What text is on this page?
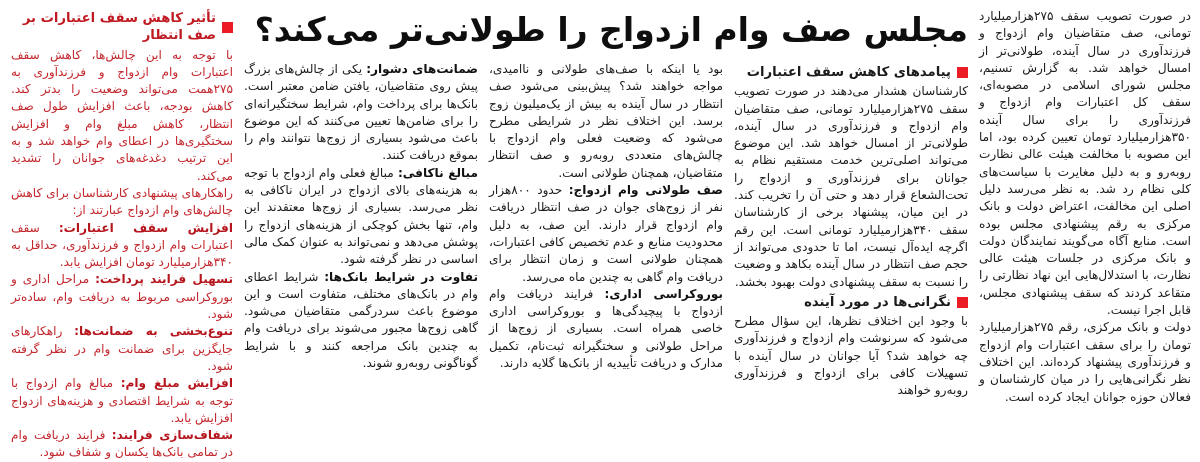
در صورت تصویب سقف ۲۷۵هزارمیلیارد تومانی، صف متقاضیان وام ازدواج و فرزندآوری در سال آینده، طولانی‌تر از امسال خواهد شد. به گزارش تسنیم، مجلس شورای اسلامی در مصوبه‌ای، سقف کل اعتبارات وام ازدواج و فرزندآوری را برای سال آینده ۳۵۰هزارمیلیارد تومان تعیین کرده بود، اما این مصوبه با مخالفت هیئت عالی نظارت روبه‌رو و به دلیل مغایرت با سیاست‌های کلی نظام رد شد. به نظر می‌رسد دلیل اصلی این مخالفت، اعتراض دولت و بانک مرکزی به رقم پیشنهادی مجلس بوده است. منابع آگاه می‌گویند نمایندگان دولت و بانک مرکزی در جلسات هیئت عالی نظارت، با استدلال‌هایی این نهاد نظارتی را متقاعد کردند که سقف پیشنهادی مجلس، قابل اجرا نیست.

دولت و بانک مرکزی، رقم ۲۷۵هزارمیلیارد تومان را برای سقف اعتبارات وام ازدواج و فرزندآوری پیشنهاد کرده‌اند. این اختلاف نظر نگرانی‌هایی را در میان کارشناسان و فعالان حوزه جوانان ایجاد کرده است.

مجلس صف وام ازدواج را طولانی‌تر می‌کند؟
پیامدهای کاهش سقف اعتبارات

کارشناسان هشدار می‌دهند در صورت تصویب سقف ۲۷۵هزارمیلیارد تومانی، صف متقاضیان وام ازدواج و فرزندآوری در سال آینده، طولانی‌تر از امسال خواهد شد. این موضوع می‌تواند اصلی‌ترین خدمت مستقیم نظام به جوانان برای فرزندآوری و ازدواج را تحت‌الشعاع قرار دهد و حتی آن را تخریب کند. در این میان، پیشنهاد برخی از کارشناسان سقف ۳۴۰هزارمیلیارد تومانی است. این رقم اگرچه ایده‌آل نیست، اما تا حدودی می‌تواند از حجم صف انتظار در سال آینده بکاهد و وضعیت را نسبت به سقف پیشنهادی دولت بهبود بخشد.

نگرانی‌ها در مورد آینده

با وجود این اختلاف نظرها، این سؤال مطرح می‌شود که سرنوشت وام ازدواج و فرزندآوری چه خواهد شد؟ آیا جوانان در سال آینده با تسهیلات کافی برای ازدواج و فرزندآوری روبه‌رو خواهند

بود یا اینکه با صف‌های طولانی و ناامیدی، مواجه خواهند شد؟ پیش‌بینی می‌شود صف انتظار در سال آینده به بیش از یک‌میلیون زوج برسد. این اختلاف نظر در شرایطی مطرح می‌شود که وضعیت فعلی وام ازدواج با چالش‌های متعددی روبه‌رو و صف انتظار متقاضیان، همچنان طولانی است.

صف طولانی وام ازدواج: حدود ۸۰۰هزار نفر از زوج‌های جوان در صف انتظار دریافت وام ازدواج قرار دارند. این صف، به دلیل محدودیت منابع و عدم تخصیص کافی اعتبارات، همچنان طولانی است و زمان انتظار برای دریافت وام گاهی به چندین ماه می‌رسد.

بوروکراسی اداری: فرایند دریافت وام ازدواج با پیچیدگی‌ها و بوروکراسی اداری خاصی همراه است. بسیاری از زوج‌ها از مراحل طولانی و سختگیرانه ثبت‌نام، تکمیل مدارک و دریافت تأییدیه از بانک‌ها گلایه دارند.

ضمانت‌های دشوار: یکی از چالش‌های بزرگ پیش روی متقاضیان، یافتن ضامن معتبر است. بانک‌ها برای پرداخت وام، شرایط سختگیرانه‌ای را برای ضامن‌ها تعیین می‌کنند که این موضوع باعث می‌شود بسیاری از زوج‌ها نتوانند وام را بموقع دریافت کنند.

مبالغ ناکافی: مبالغ فعلی وام ازدواج با توجه به هزینه‌های بالای ازدواج در ایران ناکافی به نظر می‌رسد. بسیاری از زوج‌ها معتقدند این وام، تنها بخش کوچکی از هزینه‌های ازدواج را پوشش می‌دهد و نمی‌تواند به عنوان کمک مالی اساسی در نظر گرفته شود.

تفاوت در شرایط بانک‌ها: شرایط اعطای وام در بانک‌های مختلف، متفاوت است و این موضوع باعث سردرگمی متقاضیان می‌شود. گاهی زوج‌ها مجبور می‌شوند برای دریافت وام به چندین بانک مراجعه کنند و با شرایط گوناگونی روبه‌رو شوند.

تأثیر کاهش سقف اعتبارات بر صف انتظار

با توجه به این چالش‌ها، کاهش سقف اعتبارات وام ازدواج و فرزندآوری به ۲۷۵همت می‌تواند وضعیت را بدتر کند. کاهش بودجه، باعث افزایش طول صف انتظار، کاهش مبلغ وام و افزایش سختگیری‌ها در اعطای وام خواهد شد و به این ترتیب دغدغه‌های جوانان را تشدید می‌کند.

راهکارهای پیشنهادی کارشناسان برای کاهش چالش‌های وام ازدواج عبارتند از:

افزایش سقف اعتبارات: سقف اعتبارات وام ازدواج و فرزندآوری، حداقل به ۳۴۰هزارمیلیارد تومان افزایش یابد.

تسهیل فرایند پرداخت: مراحل اداری و بوروکراسی مربوط به دریافت وام، ساده‌تر شود.

تنوع‌بخشی به ضمانت‌ها: راهکارهای جایگزین برای ضمانت وام در نظر گرفته شود.

افزایش مبلغ وام: مبالغ وام ازدواج با توجه به شرایط اقتصادی و هزینه‌های ازدواج افزایش یابد.

شفاف‌سازی فرایند: فرایند دریافت وام در تمامی بانک‌ها یکسان و شفاف شود.
